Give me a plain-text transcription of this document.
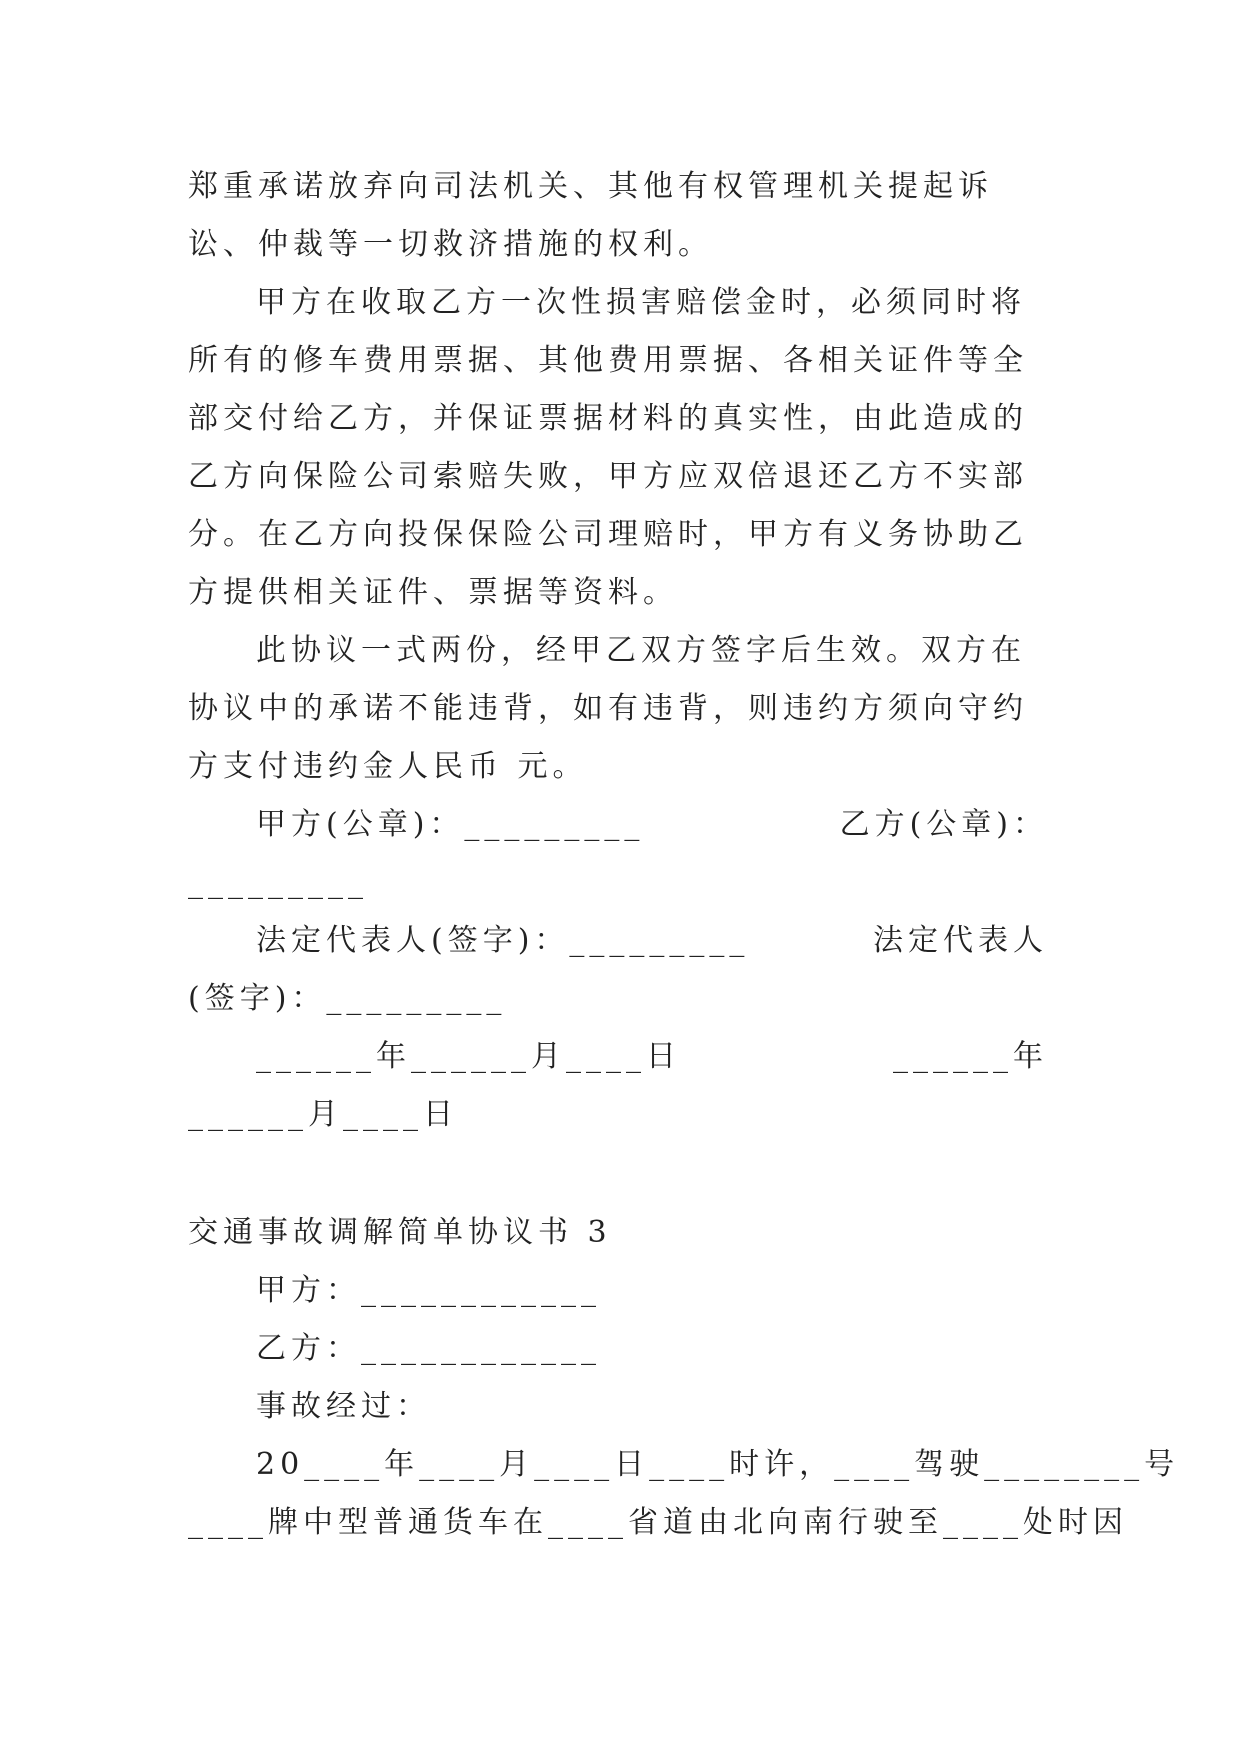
郑重承诺放弃向司法机关、其他有权管理机关提起诉讼、仲裁等一切救济措施的权利。

甲方在收取乙方一次性损害赔偿金时，必须同时将所有的修车费用票据、其他费用票据、各相关证件等全部交付给乙方，并保证票据材料的真实性，由此造成的乙方向保险公司索赔失败，甲方应双倍退还乙方不实部分。在乙方向投保保险公司理赔时，甲方有义务协助乙方提供相关证件、票据等资料。

此协议一式两份，经甲乙双方签字后生效。双方在协议中的承诺不能违背，如有违背，则违约方须向守约方支付违约金人民币 元。

甲方(公章)：_________	乙方(公章)：
_________
法定代表人(签字)：_________	法定代表人
(签字)：_________
______年______月____日	______年
______月____日
交通事故调解简单协议书 3

甲方：____________

乙方：____________

事故经过：

20____年____月____日____时许，____驾驶________号

____牌中型普通货车在____省道由北向南行驶至____处时因
